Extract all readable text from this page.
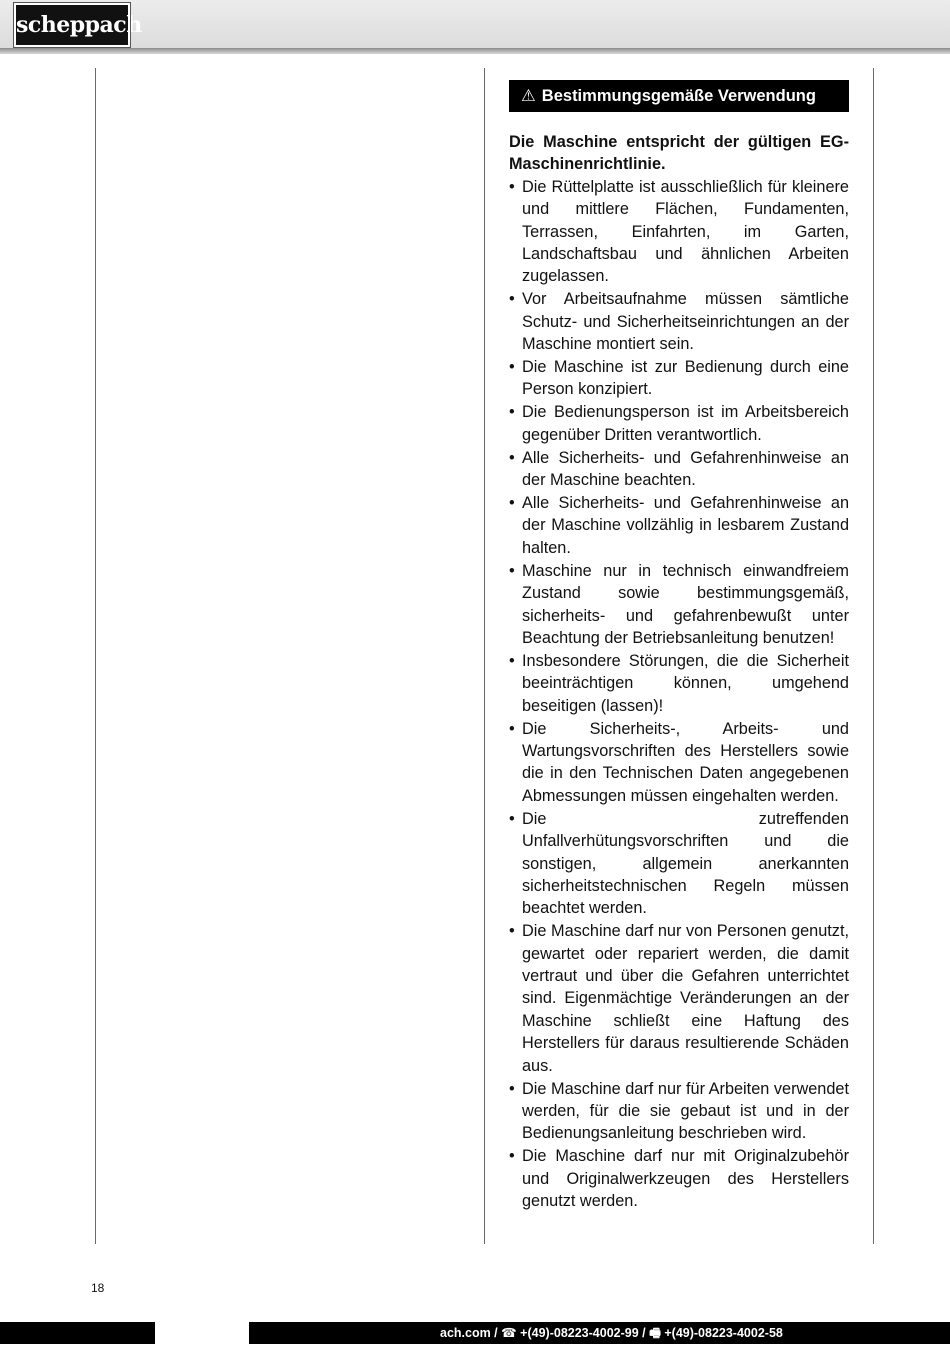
scheppach
⚠ Bestimmungsgemäße Verwendung
Die Maschine entspricht der gültigen EG-Maschinenrichtlinie.
• Die Rüttelplatte ist ausschließlich für kleinere und mittlere Flächen, Fundamenten, Terrassen, Einfahrten, im Garten, Landschaftsbau und ähnlichen Arbeiten zugelassen.
• Vor Arbeitsaufnahme müssen sämtliche Schutz- und Sicherheitseinrichtungen an der Maschine montiert sein.
• Die Maschine ist zur Bedienung durch eine Person konzipiert.
• Die Bedienungsperson ist im Arbeitsbereich gegenüber Dritten verantwortlich.
• Alle Sicherheits- und Gefahrenhinweise an der Maschine beachten.
• Alle Sicherheits- und Gefahrenhinweise an der Maschine vollzählig in lesbarem Zustand halten.
• Maschine nur in technisch einwandfreiem Zustand sowie bestimmungsgemäß, sicherheits- und gefahrenbewußt unter Beachtung der Betriebsanleitung benutzen!
• Insbesondere Störungen, die die Sicherheit beeinträchtigen können, umgehend beseitigen (lassen)!
• Die Sicherheits-, Arbeits- und Wartungsvorschriften des Herstellers sowie die in den Technischen Daten angegebenen Abmessungen müssen eingehalten werden.
• Die zutreffenden Unfallverhütungsvorschriften und die sonstigen, allgemein anerkannten sicherheitstechnischen Regeln müssen beachtet werden.
• Die Maschine darf nur von Personen genutzt, gewartet oder repariert werden, die damit vertraut und über die Gefahren unterrichtet sind. Eigenmächtige Veränderungen an der Maschine schließt eine Haftung des Herstellers für daraus resultierende Schäden aus.
• Die Maschine darf nur für Arbeiten verwendet werden, für die sie gebaut ist und in der Bedienungsanleitung beschrieben wird.
• Die Maschine darf nur mit Originalzubehör und Originalwerkzeugen des Herstellers genutzt werden.
18
ach.com / ☎ +(49)-08223-4002-99 / 🖷 +(49)-08223-4002-58
